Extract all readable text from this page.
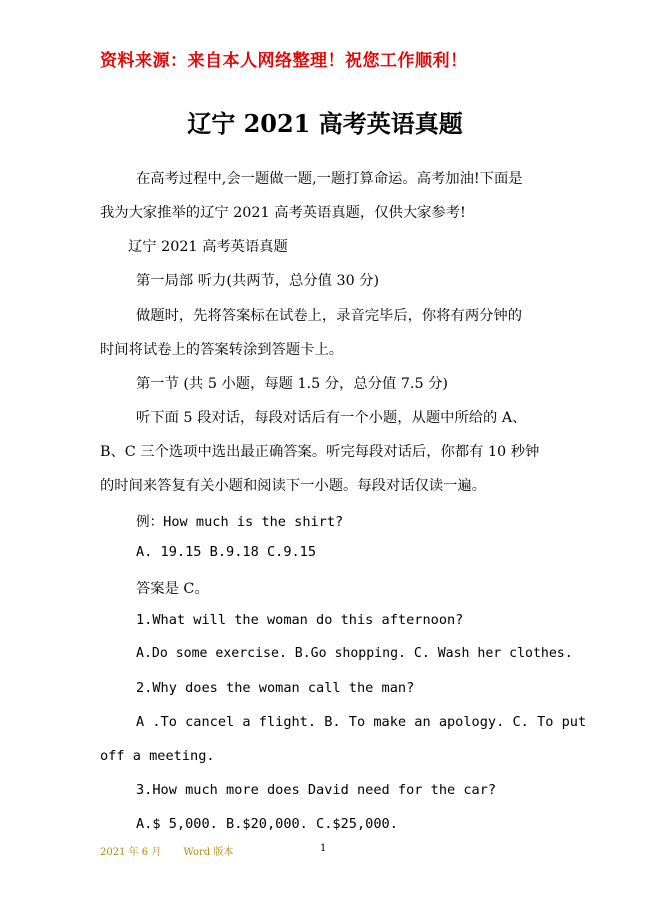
资料来源：来自本人网络整理！祝您工作顺利！
辽宁 2021 高考英语真题
在高考过程中,会一题做一题,一题打算命运。高考加油!下面是
我为大家推举的辽宁 2021 高考英语真题，仅供大家参考!
辽宁 2021 高考英语真题
第一局部 听力(共两节，总分值 30 分)
做题时，先将答案标在试卷上，录音完毕后，你将有两分钟的
时间将试卷上的答案转涂到答题卡上。
第一节 (共 5 小题，每题 1.5 分，总分值 7.5 分)
听下面 5 段对话，每段对话后有一个小题，从题中所给的 A、
B、C 三个选项中选出最正确答案。听完每段对话后，你都有 10 秒钟
的时间来答复有关小题和阅读下一小题。每段对话仅读一遍。
例：How much is the shirt?
A. 19.15 B.9.18 C.9.15
答案是 C。
1.What will the woman do this afternoon?
A.Do some exercise. B.Go shopping. C. Wash her clothes.
2.Why does the woman call the man?
A .To cancel a flight. B. To make an apology. C. To put
off a meeting.
3.How much more does David need for the car?
A.$ 5,000. B.$20,000. C.$25,000.
2021 年 6 月 Word 版本	1
